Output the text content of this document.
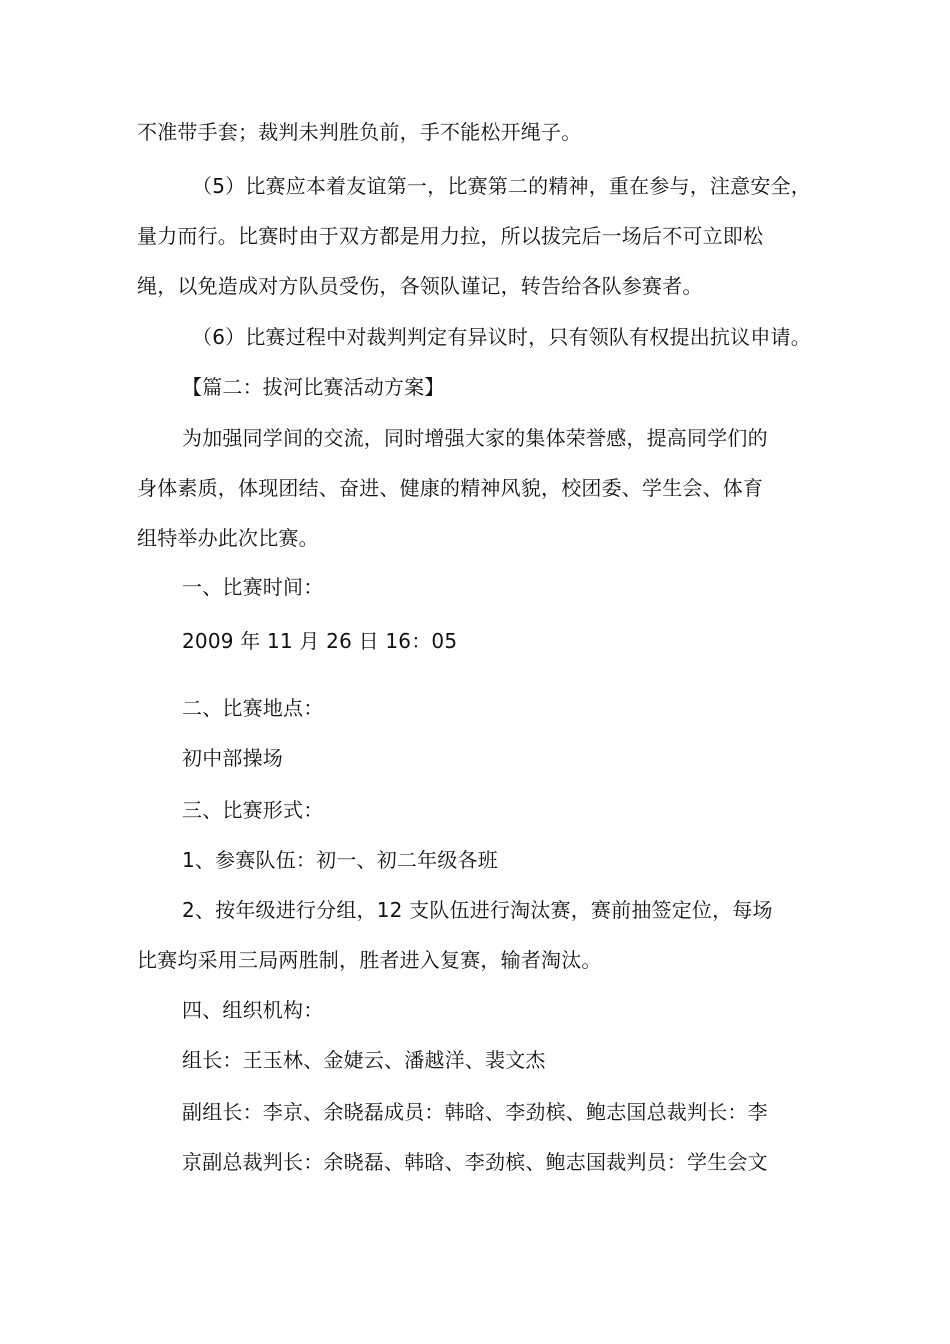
不准带手套；裁判未判胜负前，手不能松开绳子。
（5）比赛应本着友谊第一，比赛第二的精神，重在参与，注意安全，
量力而行。比赛时由于双方都是用力拉，所以拔完后一场后不可立即松
绳，以免造成对方队员受伤，各领队谨记，转告给各队参赛者。
（6）比赛过程中对裁判判定有异议时，只有领队有权提出抗议申请。
【篇二：拔河比赛活动方案】
为加强同学间的交流，同时增强大家的集体荣誉感，提高同学们的
身体素质，体现团结、奋进、健康的精神风貌，校团委、学生会、体育
组特举办此次比赛。
一、比赛时间：
2009 年 11 月 26 日 16：05
二、比赛地点：
初中部操场
三、比赛形式：
1、参赛队伍：初一、初二年级各班
2、按年级进行分组，12 支队伍进行淘汰赛，赛前抽签定位，每场
比赛均采用三局两胜制，胜者进入复赛，输者淘汰。
四、组织机构：
组长：王玉林、金婕云、潘越洋、裴文杰
副组长：李京、余晓磊成员：韩晗、李劲槟、鲍志国总裁判长：李
京副总裁判长：余晓磊、韩晗、李劲槟、鲍志国裁判员：学生会文
